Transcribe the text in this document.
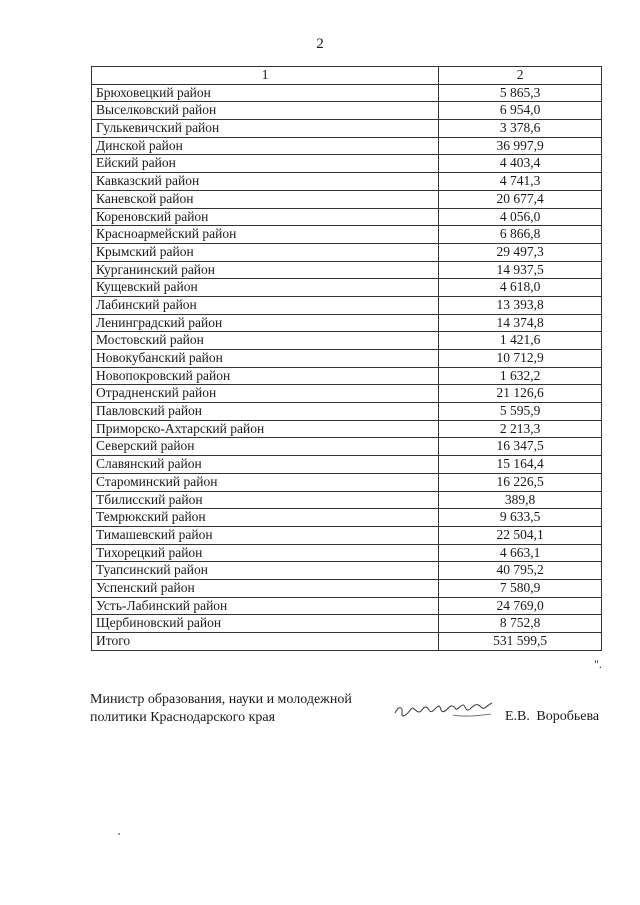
2
1	2
Брюховецкий район	5 865,3
Выселковский район	6 954,0
Гулькевичский район	3 378,6
Динской район	36 997,9
Ейский район	4 403,4
Кавказский район	4 741,3
Каневской район	20 677,4
Кореновский район	4 056,0
Красноармейский район	6 866,8
Крымский район	29 497,3
Курганинский район	14 937,5
Кущевский район	4 618,0
Лабинский район	13 393,8
Ленинградский район	14 374,8
Мостовский район	1 421,6
Новокубанский район	10 712,9
Новопокровский район	1 632,2
Отрадненский район	21 126,6
Павловский район	5 595,9
Приморско-Ахтарский район	2 213,3
Северский район	16 347,5
Славянский район	15 164,4
Староминский район	16 226,5
Тбилисский район	389,8
Темрюкский район	9 633,5
Тимашевский район	22 504,1
Тихорецкий район	4 663,1
Туапсинский район	40 795,2
Успенский район	7 580,9
Усть-Лабинский район	24 769,0
Щербиновский район	8 752,8
Итого	531 599,5
".
Министр образования, науки и молодежной
политики Краснодарского края	Е.В. Воробьева
